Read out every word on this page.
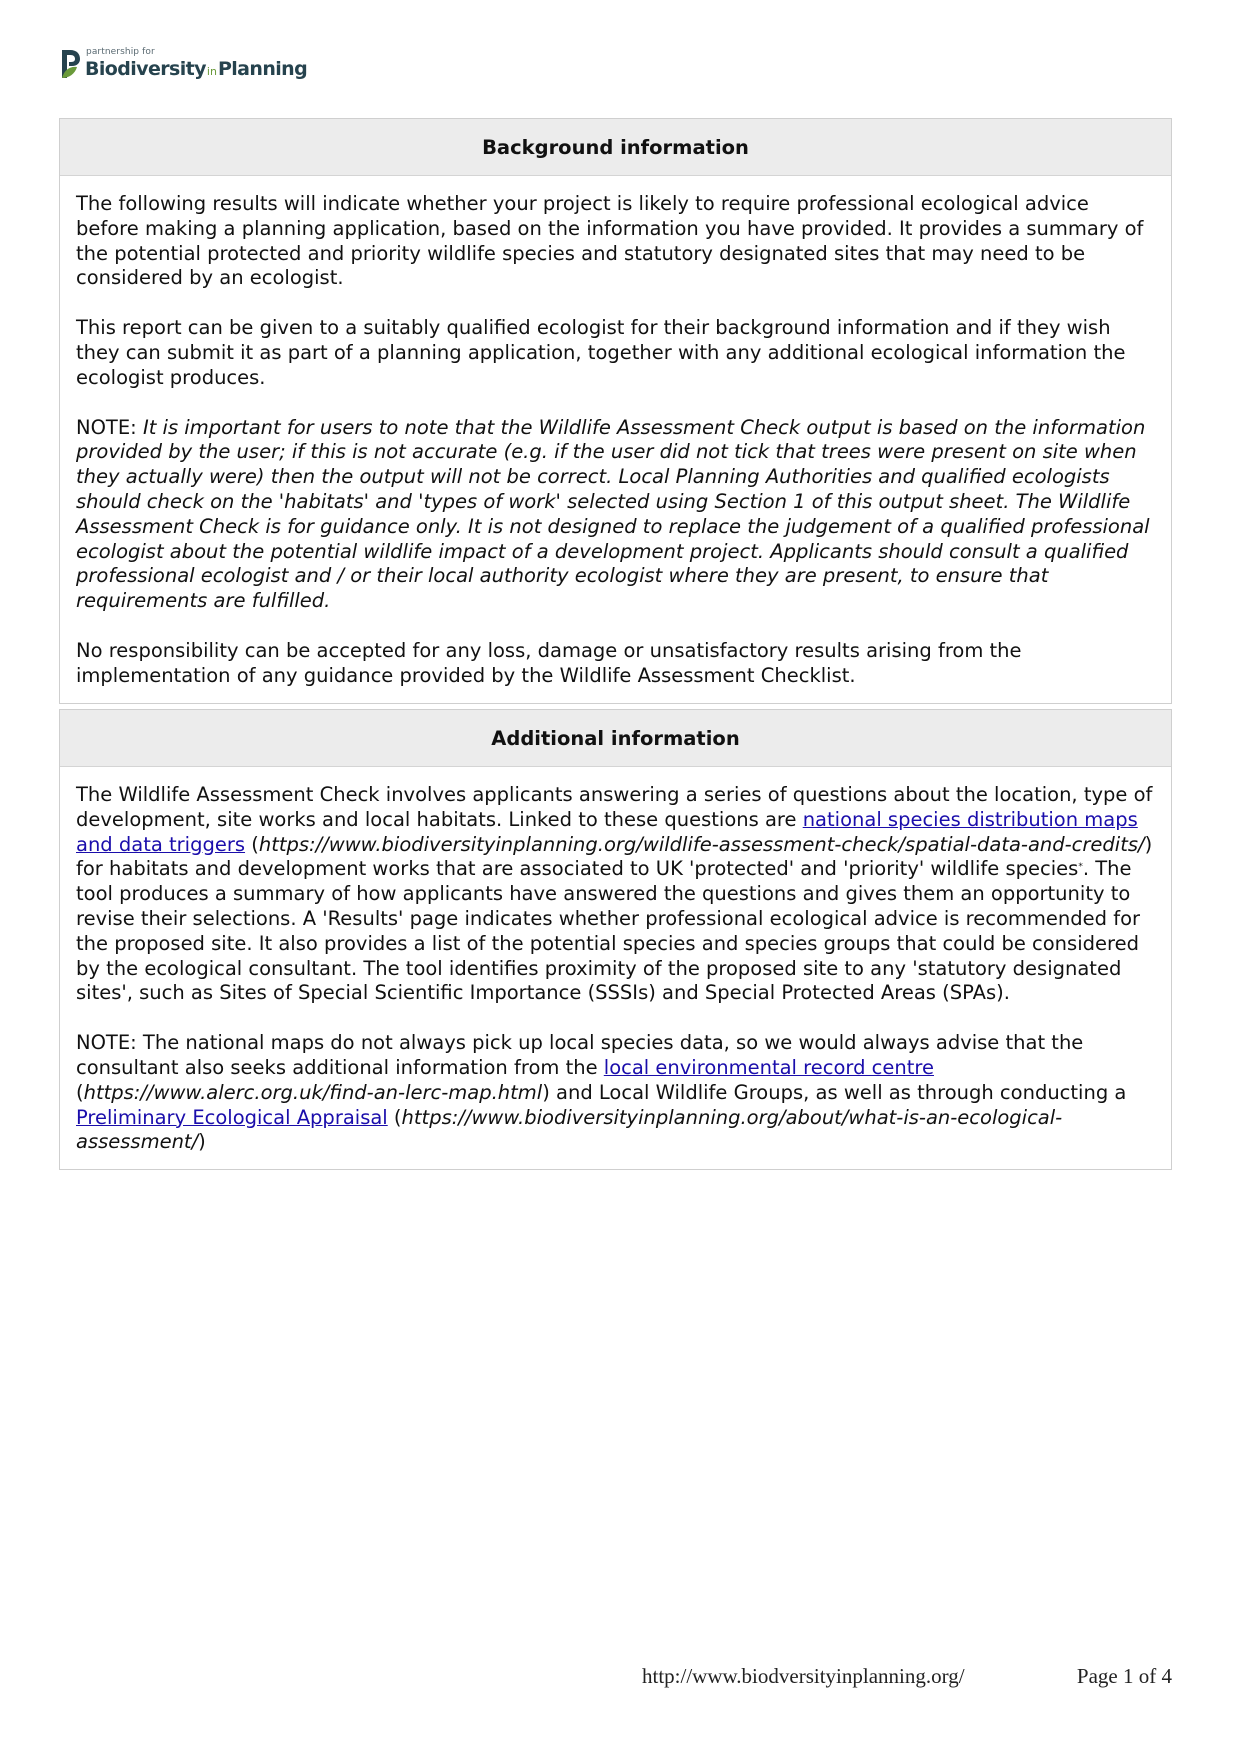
partnership for
BiodiversityinPlanning
Background information

The following results will indicate whether your project is likely to require professional ecological advice before making a planning application, based on the information you have provided. It provides a summary of the potential protected and priority wildlife species and statutory designated sites that may need to be considered by an ecologist.

This report can be given to a suitably qualified ecologist for their background information and if they wish they can submit it as part of a planning application, together with any additional ecological information the ecologist produces.

NOTE: It is important for users to note that the Wildlife Assessment Check output is based on the information provided by the user; if this is not accurate (e.g. if the user did not tick that trees were present on site when they actually were) then the output will not be correct. Local Planning Authorities and qualified ecologists should check on the 'habitats' and 'types of work' selected using Section 1 of this output sheet. The Wildlife Assessment Check is for guidance only. It is not designed to replace the judgement of a qualified professional ecologist about the potential wildlife impact of a development project. Applicants should consult a qualified professional ecologist and / or their local authority ecologist where they are present, to ensure that requirements are fulfilled.

No responsibility can be accepted for any loss, damage or unsatisfactory results arising from the implementation of any guidance provided by the Wildlife Assessment Checklist.

Additional information

The Wildlife Assessment Check involves applicants answering a series of questions about the location, type of development, site works and local habitats. Linked to these questions are national species distribution maps and data triggers (https://www.biodiversityinplanning.org/wildlife-assessment-check/spatial-data-and-credits/) for habitats and development works that are associated to UK 'protected' and 'priority' wildlife species*. The tool produces a summary of how applicants have answered the questions and gives them an opportunity to revise their selections. A 'Results' page indicates whether professional ecological advice is recommended for the proposed site. It also provides a list of the potential species and species groups that could be considered by the ecological consultant. The tool identifies proximity of the proposed site to any 'statutory designated sites', such as Sites of Special Scientific Importance (SSSIs) and Special Protected Areas (SPAs).

NOTE: The national maps do not always pick up local species data, so we would always advise that the consultant also seeks additional information from the local environmental record centre
(https://www.alerc.org.uk/find-an-lerc-map.html) and Local Wildlife Groups, as well as through conducting a Preliminary Ecological Appraisal (https://www.biodiversityinplanning.org/about/what-is-an-ecological-assessment/)

http://www.biodversityinplanning.org/	Page 1 of 4
